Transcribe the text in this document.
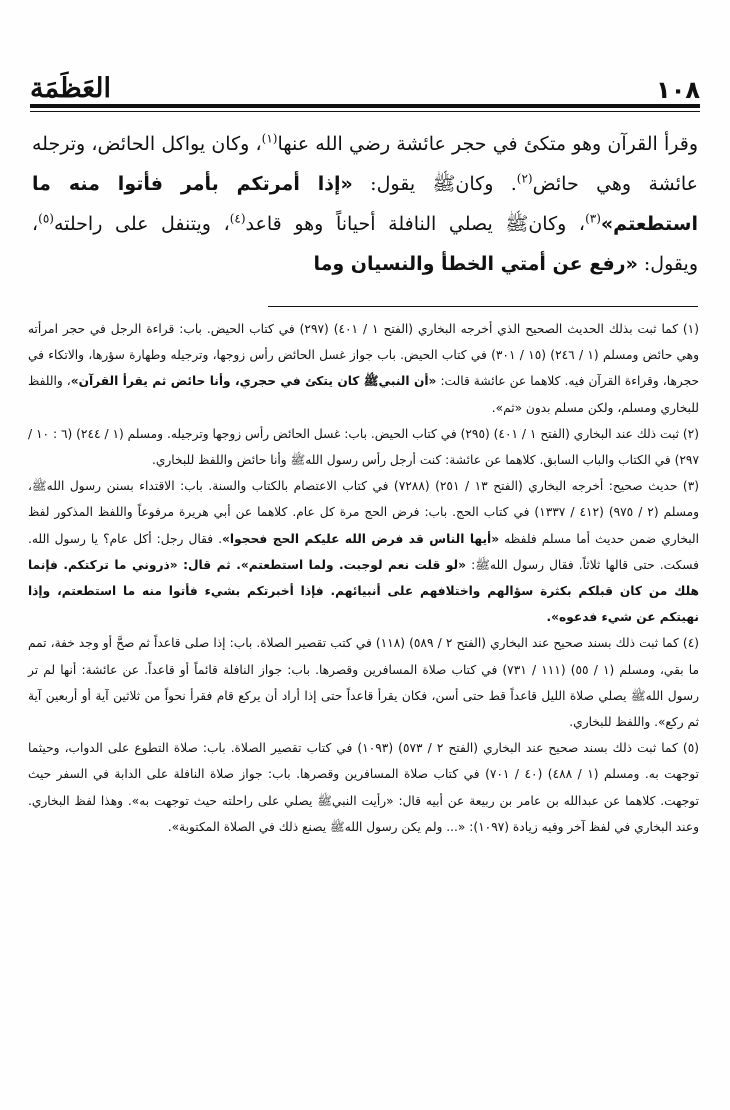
العَظَمَة	١٠٨

وقرأ القرآن وهو متكئ في حجر عائشة رضي الله عنها$^{(١)}$، وكان يواكل الحائض، وترجله عائشة وهي حائض$^{(٢)}$. وكانﷺ يقول: «إذا أمرتكم بأمر فأتوا منه ما استطعتم»$^{(٣)}$، وكانﷺ يصلي النافلة أحياناً وهو قاعد$^{(٤)}$، ويتنفل على راحلته$^{(٥)}$، ويقول: «رفع عن أمتي الخطأ والنسيان وما

(١) كما ثبت بذلك الحديث الصحيح الذي أخرجه البخاري (الفتح ١ / ٤٠١) (٢٩٧) في كتاب الحيض. باب: قراءة الرجل في حجر امرأته وهي حائض ومسلم (١ / ٢٤٦) (١٥ / ٣٠١) في كتاب الحيض. باب جواز غسل الحائض رأس زوجها، وترجيله وطهارة سؤرها، والاتكاء في حجرها، وقراءة القرآن فيه. كلاهما عن عائشة قالت: «أن النبيﷺ كان يتكئ في حجري، وأنا حائض ثم يقرأ القرآن»، واللفظ للبخاري ومسلم، ولكن مسلم بدون «ثم».
(٢) ثبت ذلك عند البخاري (الفتح ١ / ٤٠١) (٢٩٥) في كتاب الحيض. باب: غسل الحائض رأس زوجها وترجيله. ومسلم (١ / ٢٤٤) (٦ : ١٠ / ٢٩٧) في الكتاب والباب السابق. كلاهما عن عائشة: كنت أرجل رأس رسول اللهﷺ وأنا حائض واللفظ للبخاري.
(٣) حديث صحيح: أخرجه البخاري (الفتح ١٣ / ٢٥١) (٧٢٨٨) في كتاب الاعتصام بالكتاب والسنة. باب: الاقتداء بسنن رسول اللهﷺ، ومسلم (٢ / ٩٧٥) (٤١٢ / ١٣٣٧) في كتاب الحج. باب: فرض الحج مرة كل عام. كلاهما عن أبي هريرة مرفوعاً واللفظ المذكور لفظ البخاري ضمن حديث أما مسلم فلفظه «أيها الناس قد فرض الله عليكم الحج فحجوا». فقال رجل: أكل عام؟ يا رسول الله. فسكت. حتى قالها ثلاثاً. فقال رسول اللهﷺ: «لو قلت نعم لوجبت. ولما استطعتم». ثم قال: «ذروني ما تركتكم. فإنما هلك من كان قبلكم بكثرة سؤالهم واختلافهم على أنبيائهم. فإذا أخبرتكم بشيء فأتوا منه ما استطعتم، وإذا نهيتكم عن شيء فدعوه».
(٤) كما ثبت ذلك بسند صحيح عند البخاري (الفتح ٢ / ٥٨٩) (١١٨) في كتب تقصير الصلاة. باب: إذا صلى قاعداً ثم صحَّ أو وجد خفة، تمم ما بقي، ومسلم (١ / ٥٥) (١١١ / ٧٣١) في كتاب صلاة المسافرين وقصرها. باب: جواز النافلة قائماً أو قاعداً. عن عائشة: أنها لم تر رسول اللهﷺ يصلي صلاة الليل قاعداً قط حتى أسن، فكان يقرأ قاعداً حتى إذا أراد أن يركع قام فقرأ نحواً من ثلاثين آية أو أربعين آية ثم ركع». واللفظ للبخاري.
(٥) كما ثبت ذلك بسند صحيح عند البخاري (الفتح ٢ / ٥٧٣) (١٠٩٣) في كتاب تقصير الصلاة. باب: صلاة التطوع على الدواب، وحيثما توجهت به. ومسلم (١ / ٤٨٨) (٤٠ / ٧٠١) في كتاب صلاة المسافرين وقصرها. باب: جواز صلاة النافلة على الدابة في السفر حيث توجهت. كلاهما عن عبدالله بن عامر بن ربيعة عن أبيه قال: «رأيت النبيﷺ يصلي على راحلته حيث توجهت به». وهذا لفظ البخاري. وعند البخاري في لفظ آخر وفيه زيادة (١٠٩٧): «... ولم يكن رسول اللهﷺ يصنع ذلك في الصلاة المكتوبة».
